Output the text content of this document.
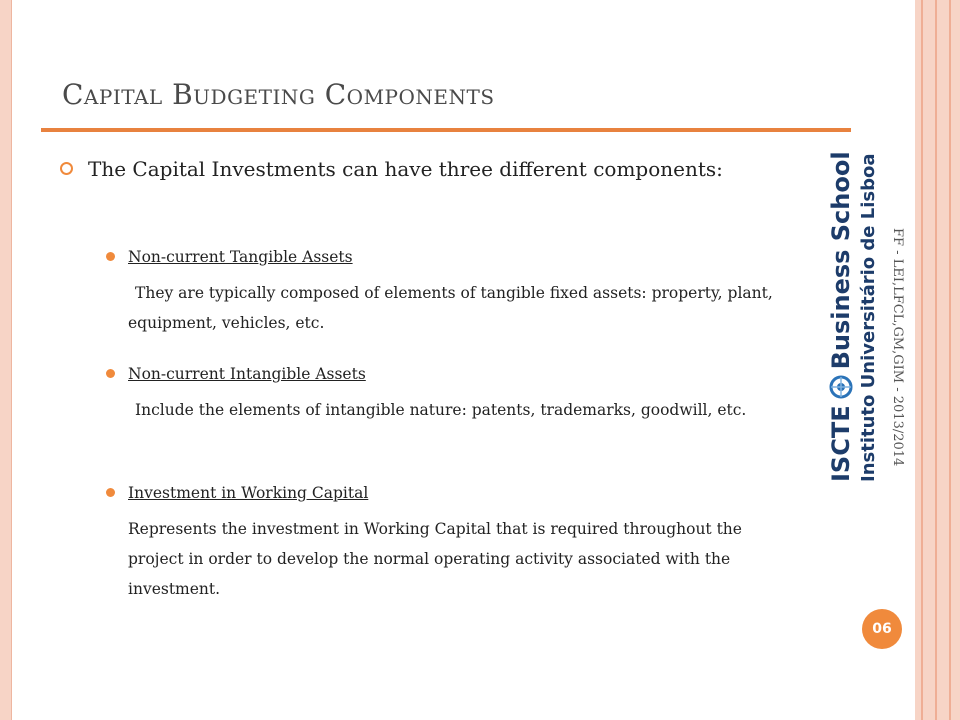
Capital Budgeting Components
The Capital Investments can have three different components:
Non-current Tangible Assets
They are typically composed of elements of tangible fixed assets: property, plant, equipment, vehicles, etc.
Non-current Intangible Assets
Include the elements of intangible nature: patents, trademarks, goodwill, etc.
Investment in Working Capital
Represents the investment in Working Capital that is required throughout the project in order to develop the normal operating activity associated with the investment.
FF - LEI,LFCL,GM,GIM - 2013/2014
ISCTE
Business School Instituto Universitário de Lisboa
06
